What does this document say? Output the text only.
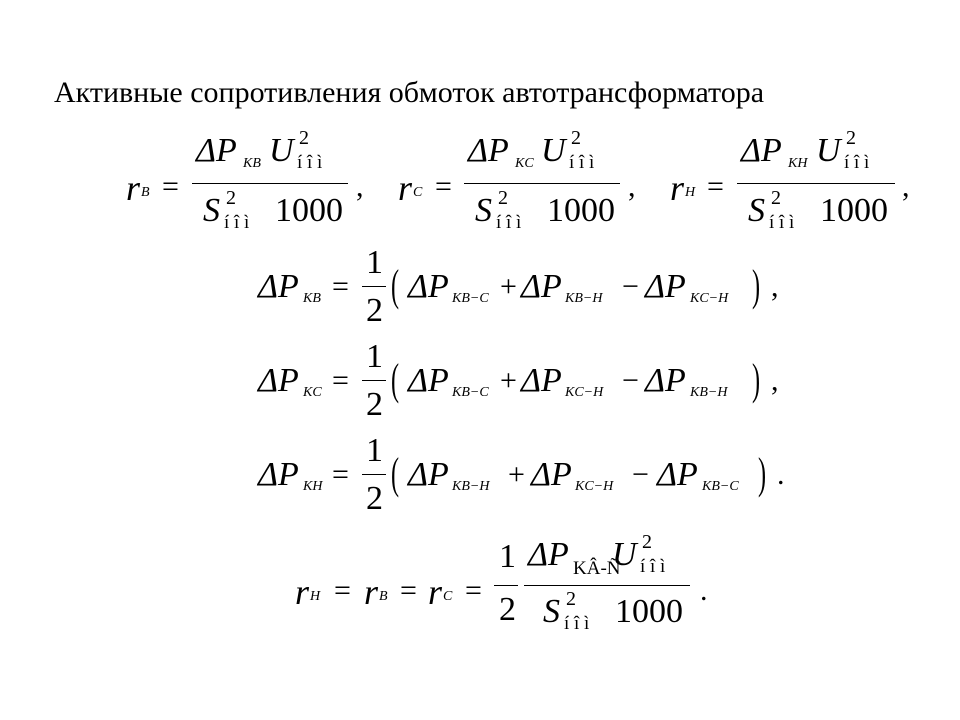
Активные сопротивления обмоток автотрансформатора
r B =
ΔP KB U 2
í î ì
S 2
í î ì 1000
, r C =
ΔP KC U 2
í î ì
S 2
í î ì 1000
, r H =
ΔP KH U 2
í î ì
S 2
í î ì 1000
,
ΔP KB =
1
2
( ΔP KB−C + ΔP KB−H − ΔP KC−H ) ,
ΔP KC =
1
2
( ΔP KB−C + ΔP KC−H − ΔP KB−H ) ,
ΔP KH =
1
2
( ΔP KB−H + ΔP KC−H − ΔP KB−C ) .
r H = r B = r C =
1
2
ΔP KÂ-Ñ
U 2
í î ì
S 2
í î ì 1000
.
